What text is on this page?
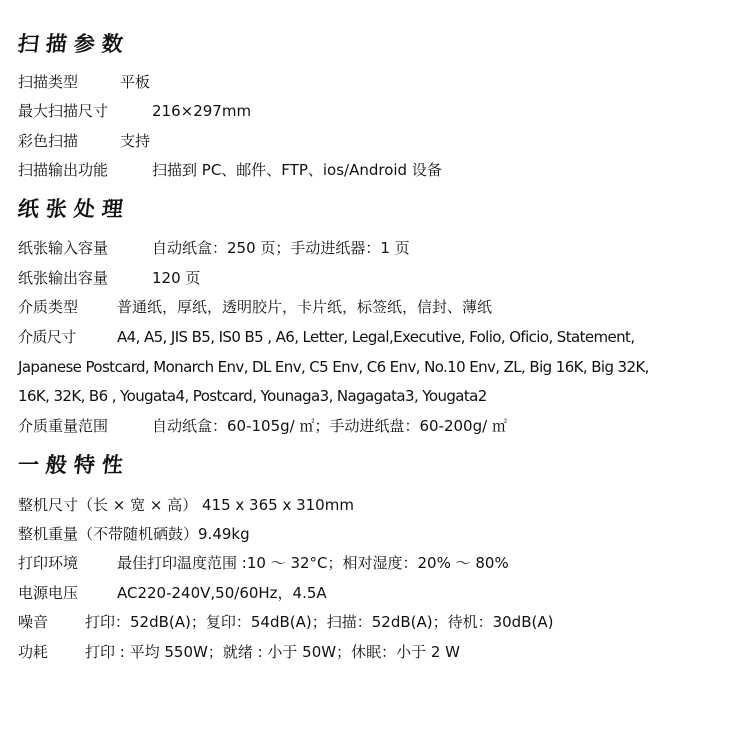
扫描参数
扫描类型	平板
最大扫描尺寸	216×297mm
彩色扫描	支持
扫描输出功能	扫描到 PC、邮件、FTP、ios/Android 设备
纸张处理
纸张输入容量	自动纸盒：250 页；手动进纸器：1 页
纸张输出容量	120 页
介质类型	普通纸，厚纸，透明胶片，卡片纸，标签纸，信封、薄纸
介质尺寸	A4, A5, JIS B5, IS0 B5 , A6, Letter, Legal,Executive, Folio, Oficio, Statement,
Japanese Postcard, Monarch Env, DL Env, C5 Env, C6 Env, No.10 Env, ZL, Big 16K, Big 32K,
16K, 32K, B6 , Yougata4, Postcard, Younaga3, Nagagata3, Yougata2
介质重量范围	自动纸盒：60-105g/ ㎡；手动进纸盘：60-200g/ ㎡
一般特性
整机尺寸（长 × 宽 × 高） 415 x 365 x 310mm
整机重量（不带随机硒鼓）9.49kg
打印环境	最佳打印温度范围 :10 ～ 32°C；相对湿度：20% ～ 80%
电源电压	AC220-240V,50/60Hz，4.5A
噪音 打印：52dB(A)；复印：54dB(A)；扫描：52dB(A)；待机：30dB(A)
功耗 打印 : 平均 550W；就绪 : 小于 50W；休眠：小于 2 W
